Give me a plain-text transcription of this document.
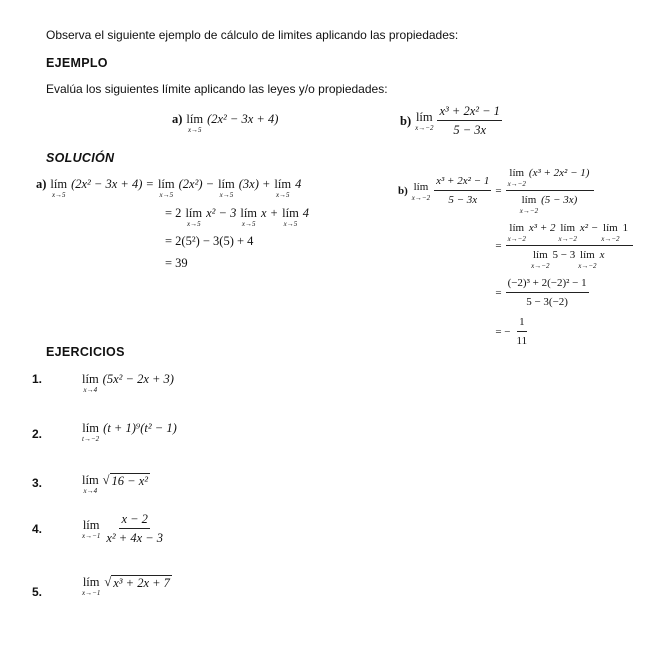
Observa el siguiente ejemplo de cálculo de limites aplicando las propiedades:
EJEMPLO
Evalúa los siguientes límite aplicando las leyes y/o propiedades:
a) lím
x→5
(2x² − 3x + 4)	b) lím
$x\to-2 \frac{\text{x³ + 2x² − 1}}{5 - 3x}$
SOLUCIÓN
a) lím
x→5
(2x² − 3x + 4) = lím
x→5
(2x²) − lím
x→5
(3x) + lím
x→5
4
= 2 lím
x→5
x² − 3 lím
x→5
x + lím
x→5
4
= 2(5²) − 3(5) + 4
= 39
b) lím
$x\to-2 \frac{\text{x³ + 2x² − 1}}{5 - 3x}$ = lím
x→−2
(x³ + 2x² − 1)
lím
x→−2
(5 − 3x)
= lím
x→−2
x³ + 2 lím
x→−2
x² − lím
x→−2
1
lím
x→−2
5 − 3 lím
x→−2
x
= $\frac{\text{(−2)³ + 2(−2)² − 1}}{5 - 3(-2)}$
= − $\frac{1}{11}$
EJERCICIOS
1.	lím
x→4
(5x² − 2x + 3)
2.	lím
t→−2
(t + 1)⁹(t² − 1)
3.	lím
x→4
√ 16 − x²
4.	lím
$x\to-1 \frac{x - 2}{\text{x² + 4x − 3}}$
5.
lím
x→−1
√ x³ + 2x + 7
